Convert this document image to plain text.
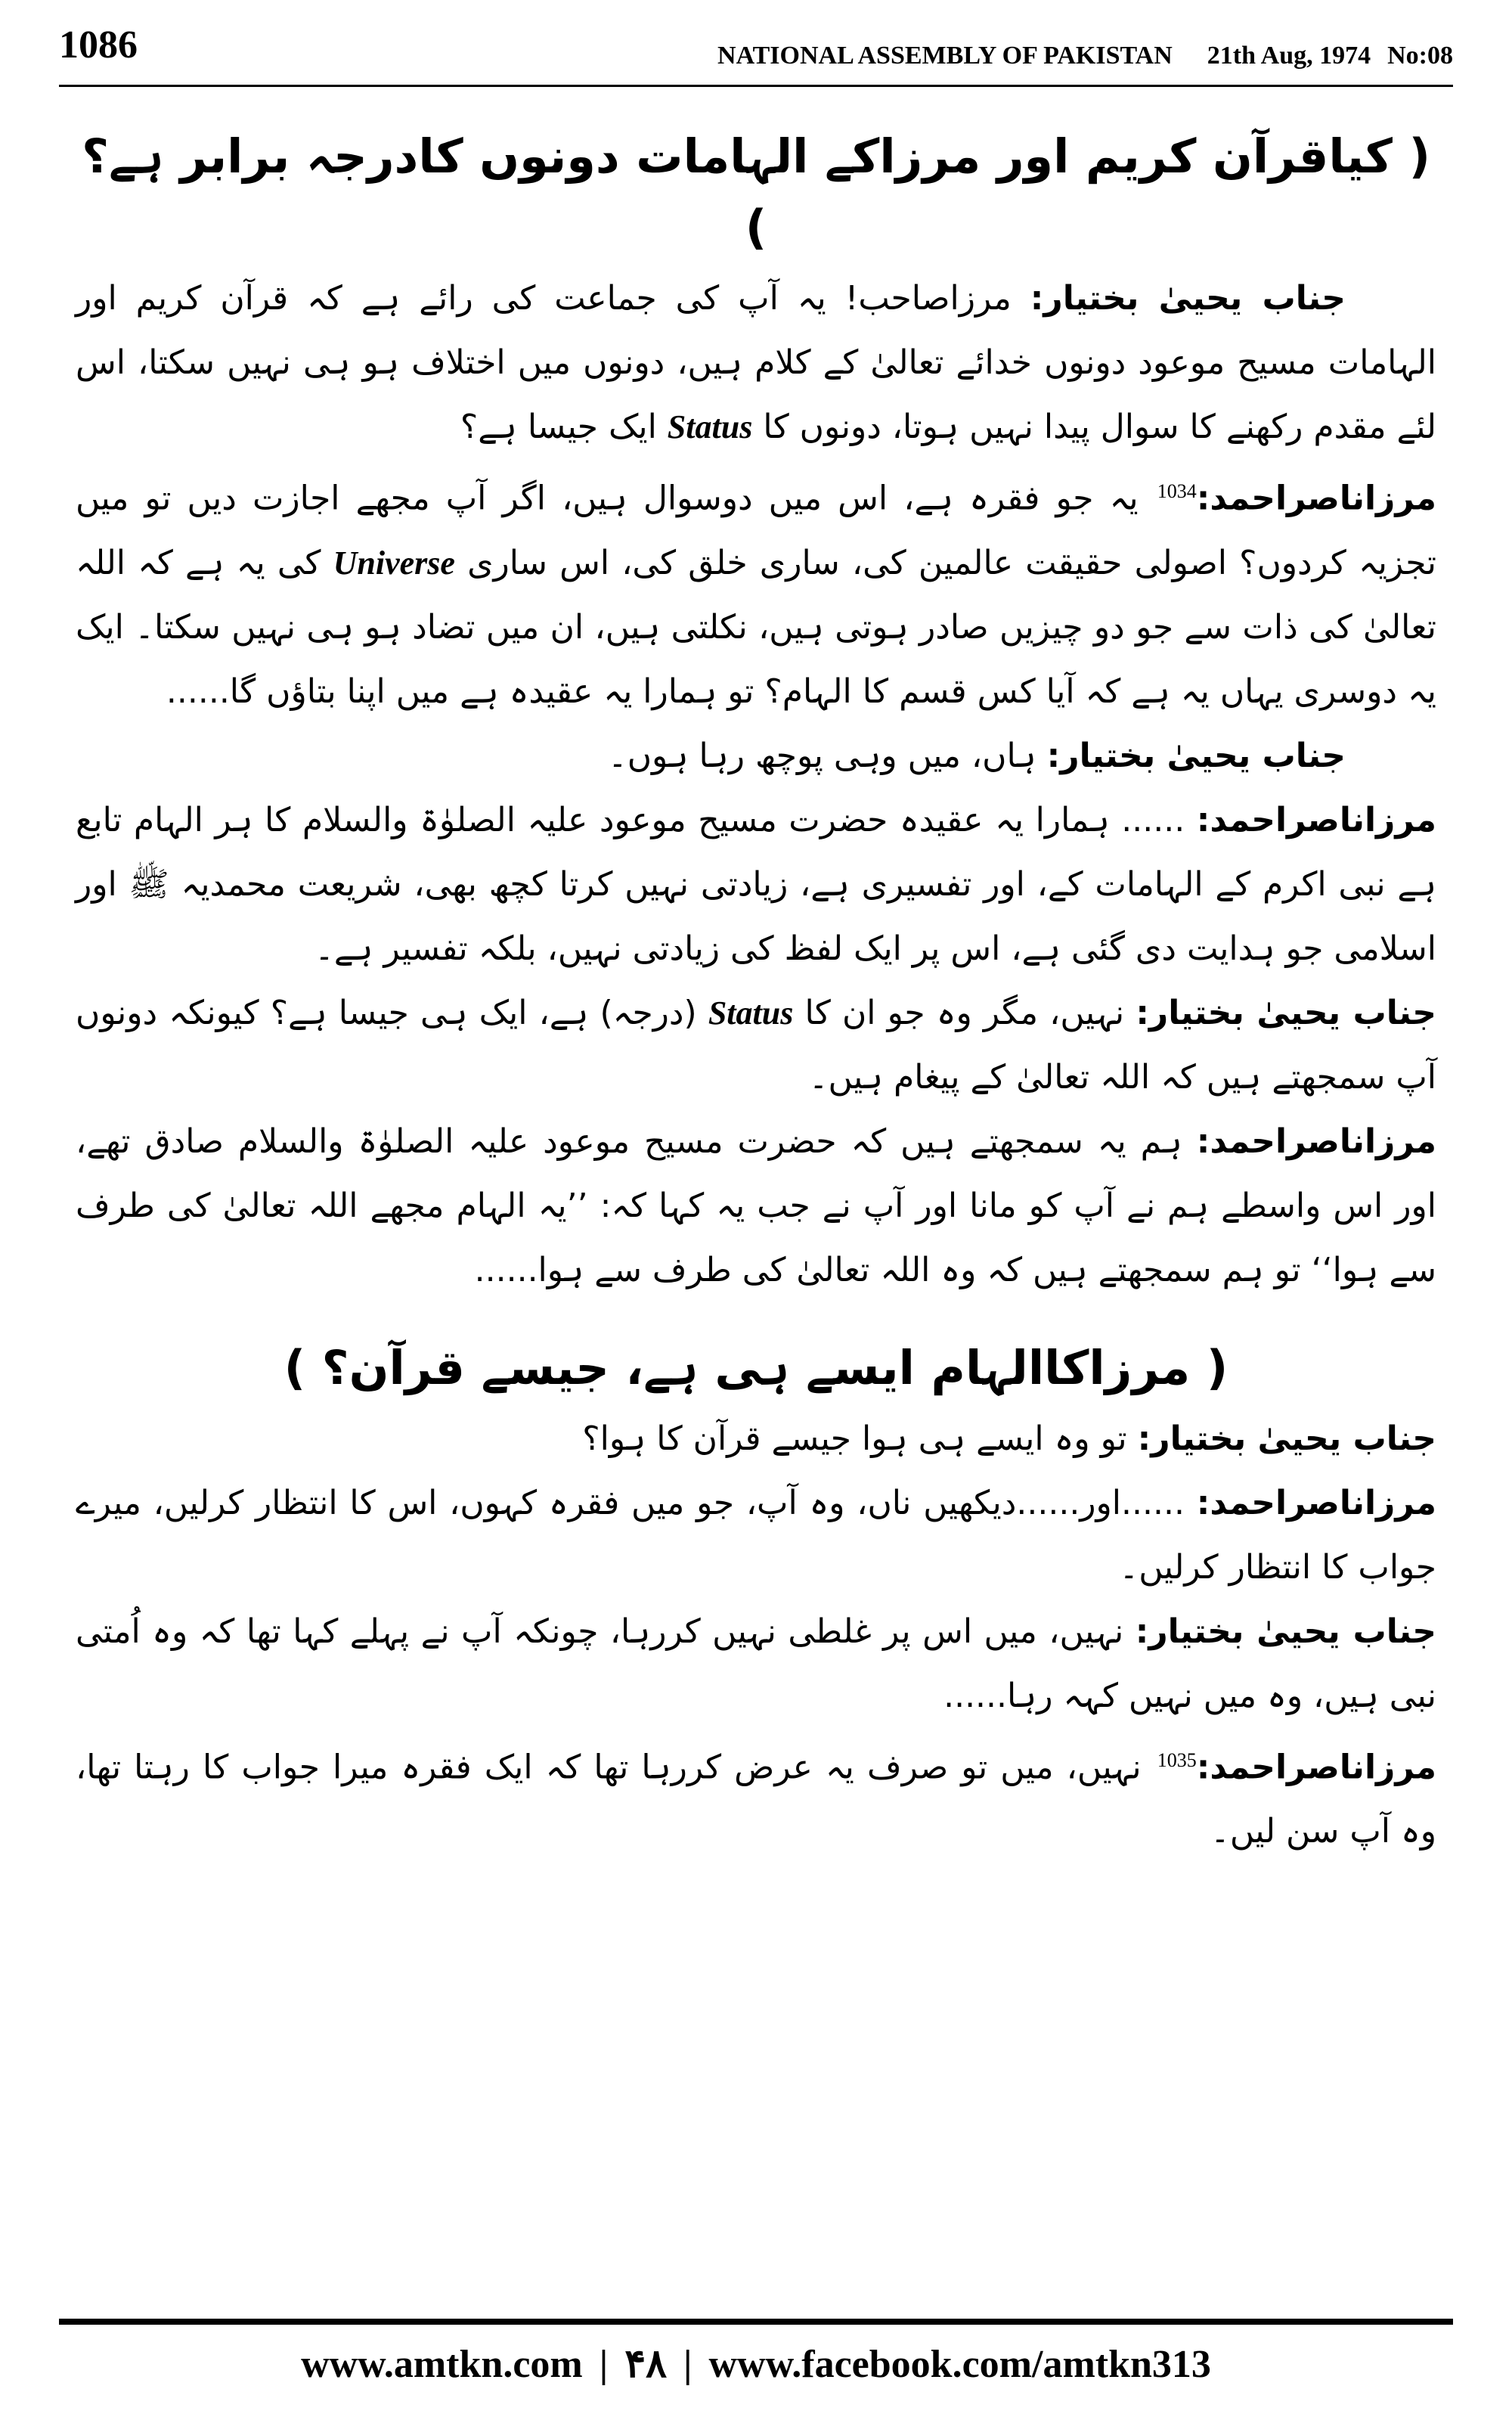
1086	NATIONAL ASSEMBLY OF PAKISTAN 21th Aug, 1974 No:08
( کیاقرآن کریم اور مرزاکے الہامات دونوں کادرجہ برابر ہے؟ )

جناب یحییٰ بختیار: مرزاصاحب! یہ آپ کی جماعت کی رائے ہے کہ قرآن کریم اور الہامات مسیح موعود دونوں خدائے تعالیٰ کے کلام ہیں، دونوں میں اختلاف ہو ہی نہیں سکتا، اس لئے مقدم رکھنے کا سوال پیدا نہیں ہوتا، دونوں کا Status ایک جیسا ہے؟

مرزاناصراحمد:$^{1034}$ یہ جو فقرہ ہے، اس میں دوسوال ہیں، اگر آپ مجھے اجازت دیں تو میں تجزیہ کردوں؟ اصولی حقیقت عالمین کی، ساری خلق کی، اس ساری Universe کی یہ ہے کہ اللہ تعالیٰ کی ذات سے جو دو چیزیں صادر ہوتی ہیں، نکلتی ہیں، ان میں تضاد ہو ہی نہیں سکتا۔ ایک یہ دوسری یہاں یہ ہے کہ آیا کس قسم کا الہام؟ تو ہمارا یہ عقیدہ ہے میں اپنا بتاؤں گا......

جناب یحییٰ بختیار: ہاں، میں وہی پوچھ رہا ہوں۔

مرزاناصراحمد: ...... ہمارا یہ عقیدہ حضرت مسیح موعود علیہ الصلوٰۃ والسلام کا ہر الہام تابع ہے نبی اکرم کے الہامات کے، اور تفسیری ہے، زیادتی نہیں کرتا کچھ بھی، شریعت محمدیہ ﷺ اور اسلامی جو ہدایت دی گئی ہے، اس پر ایک لفظ کی زیادتی نہیں، بلکہ تفسیر ہے۔

جناب یحییٰ بختیار: نہیں، مگر وہ جو ان کا Status (درجہ) ہے، ایک ہی جیسا ہے؟ کیونکہ دونوں آپ سمجھتے ہیں کہ اللہ تعالیٰ کے پیغام ہیں۔

مرزاناصراحمد: ہم یہ سمجھتے ہیں کہ حضرت مسیح موعود علیہ الصلوٰۃ والسلام صادق تھے، اور اس واسطے ہم نے آپ کو مانا اور آپ نے جب یہ کہا کہ: ’’یہ الہام مجھے اللہ تعالیٰ کی طرف سے ہوا‘‘ تو ہم سمجھتے ہیں کہ وہ اللہ تعالیٰ کی طرف سے ہوا......

( مرزاکاالہام ایسے ہی ہے، جیسے قرآن؟ )

جناب یحییٰ بختیار: تو وہ ایسے ہی ہوا جیسے قرآن کا ہوا؟

مرزاناصراحمد: ......اور......دیکھیں ناں، وہ آپ، جو میں فقرہ کہوں، اس کا انتظار کرلیں، میرے جواب کا انتظار کرلیں۔

جناب یحییٰ بختیار: نہیں، میں اس پر غلطی نہیں کررہا، چونکہ آپ نے پہلے کہا تھا کہ وہ اُمتی نبی ہیں، وہ میں نہیں کہہ رہا......

مرزاناصراحمد:$^{1035}$ نہیں، میں تو صرف یہ عرض کررہا تھا کہ ایک فقرہ میرا جواب کا رہتا تھا، وہ آپ سن لیں۔

www.amtkn.com | ۴۸ | www.facebook.com/amtkn313
